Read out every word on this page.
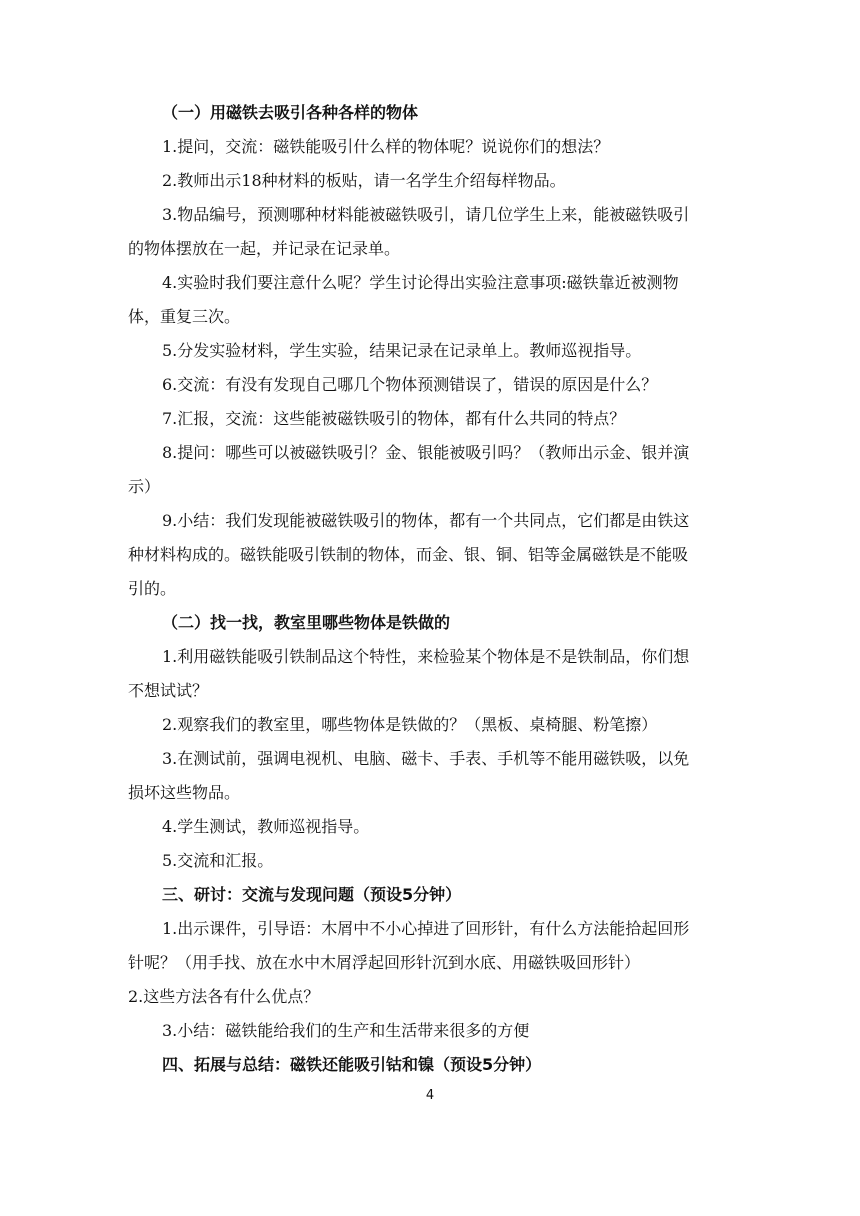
（一）用磁铁去吸引各种各样的物体
1.提问，交流：磁铁能吸引什么样的物体呢？说说你们的想法？
2.教师出示18种材料的板贴，请一名学生介绍每样物品。
3.物品编号，预测哪种材料能被磁铁吸引，请几位学生上来，能被磁铁吸引
的物体摆放在一起，并记录在记录单。
4.实验时我们要注意什么呢？学生讨论得出实验注意事项:磁铁靠近被测物
体，重复三次。
5.分发实验材料，学生实验，结果记录在记录单上。教师巡视指导。
6.交流：有没有发现自己哪几个物体预测错误了，错误的原因是什么？
7.汇报，交流：这些能被磁铁吸引的物体，都有什么共同的特点？
8.提问：哪些可以被磁铁吸引？金、银能被吸引吗？（教师出示金、银并演
示）
9.小结：我们发现能被磁铁吸引的物体，都有一个共同点，它们都是由铁这
种材料构成的。磁铁能吸引铁制的物体，而金、银、铜、铝等金属磁铁是不能吸
引的。
（二）找一找，教室里哪些物体是铁做的
1.利用磁铁能吸引铁制品这个特性，来检验某个物体是不是铁制品，你们想
不想试试？
2.观察我们的教室里，哪些物体是铁做的？（黑板、桌椅腿、粉笔擦）
3.在测试前，强调电视机、电脑、磁卡、手表、手机等不能用磁铁吸，以免
损坏这些物品。
4.学生测试，教师巡视指导。
5.交流和汇报。
三、研讨：交流与发现问题（预设5分钟）
1.出示课件，引导语：木屑中不小心掉进了回形针，有什么方法能拾起回形
针呢？（用手找、放在水中木屑浮起回形针沉到水底、用磁铁吸回形针）
2.这些方法各有什么优点？
3.小结：磁铁能给我们的生产和生活带来很多的方便
四、拓展与总结：磁铁还能吸引钴和镍（预设5分钟）
4
